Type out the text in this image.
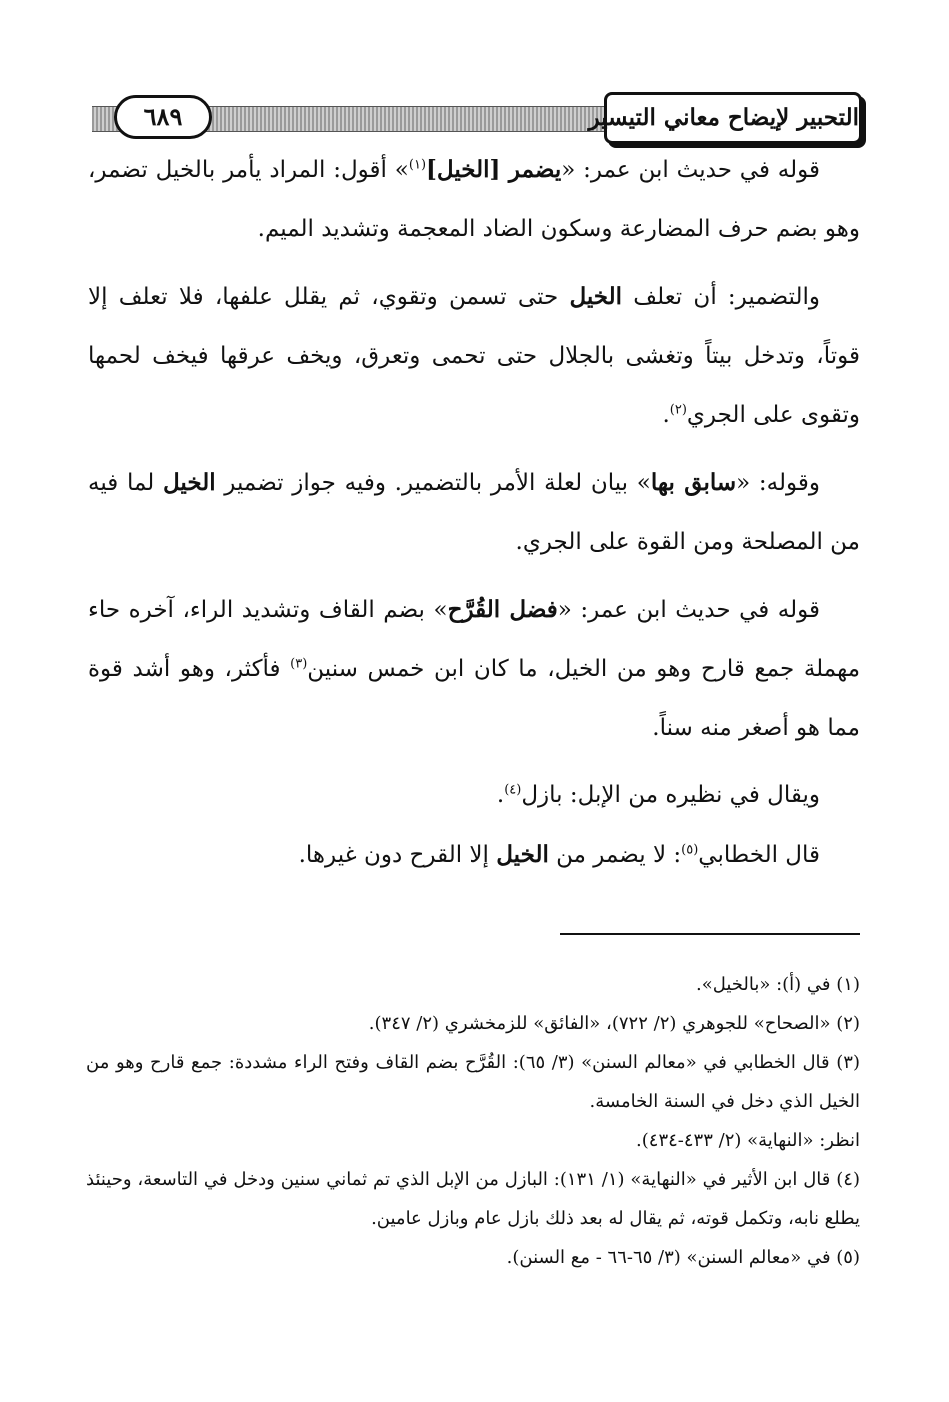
٦٨٩	التحبير لإيضاح معاني التيسير

قوله في حديث ابن عمر: «يضمر [الخيل]$^{(١)}$» أقول: المراد يأمر بالخيل تضمر، وهو بضم حرف المضارعة وسكون الضاد المعجمة وتشديد الميم.

والتضمير: أن تعلف الخيل حتى تسمن وتقوي، ثم يقلل علفها، فلا تعلف إلا قوتاً، وتدخل بيتاً وتغشى بالجلال حتى تحمى وتعرق، ويخف عرقها فيخف لحمها وتقوى على الجري$^{(٢)}$.

وقوله: «سابق بها» بيان لعلة الأمر بالتضمير. وفيه جواز تضمير الخيل لما فيه من المصلحة ومن القوة على الجري.

قوله في حديث ابن عمر: «فضل القُرَّح» بضم القاف وتشديد الراء، آخره حاء مهملة جمع قارح وهو من الخيل، ما كان ابن خمس سنين$^{(٣)}$ فأكثر، وهو أشد قوة مما هو أصغر منه سناً.

ويقال في نظيره من الإبل: بازل$^{(٤)}$.

قال الخطابي$^{(٥)}$: لا يضمر من الخيل إلا القرح دون غيرها.

(١) في (أ): «بالخيل».

(٢) «الصحاح» للجوهري (٢/ ٧٢٢)، «الفائق» للزمخشري (٢/ ٣٤٧).

(٣) قال الخطابي في «معالم السنن» (٣/ ٦٥): القُرَّح بضم القاف وفتح الراء مشددة: جمع قارح وهو من الخيل الذي دخل في السنة الخامسة.

انظر: «النهاية» (٢/ ٤٣٣-٤٣٤).

(٤) قال ابن الأثير في «النهاية» (١/ ١٣١): البازل من الإبل الذي تم ثماني سنين ودخل في التاسعة، وحينئذ يطلع نابه، وتكمل قوته، ثم يقال له بعد ذلك بازل عام وبازل عامين.

(٥) في «معالم السنن» (٣/ ٦٥-٦٦ - مع السنن).
